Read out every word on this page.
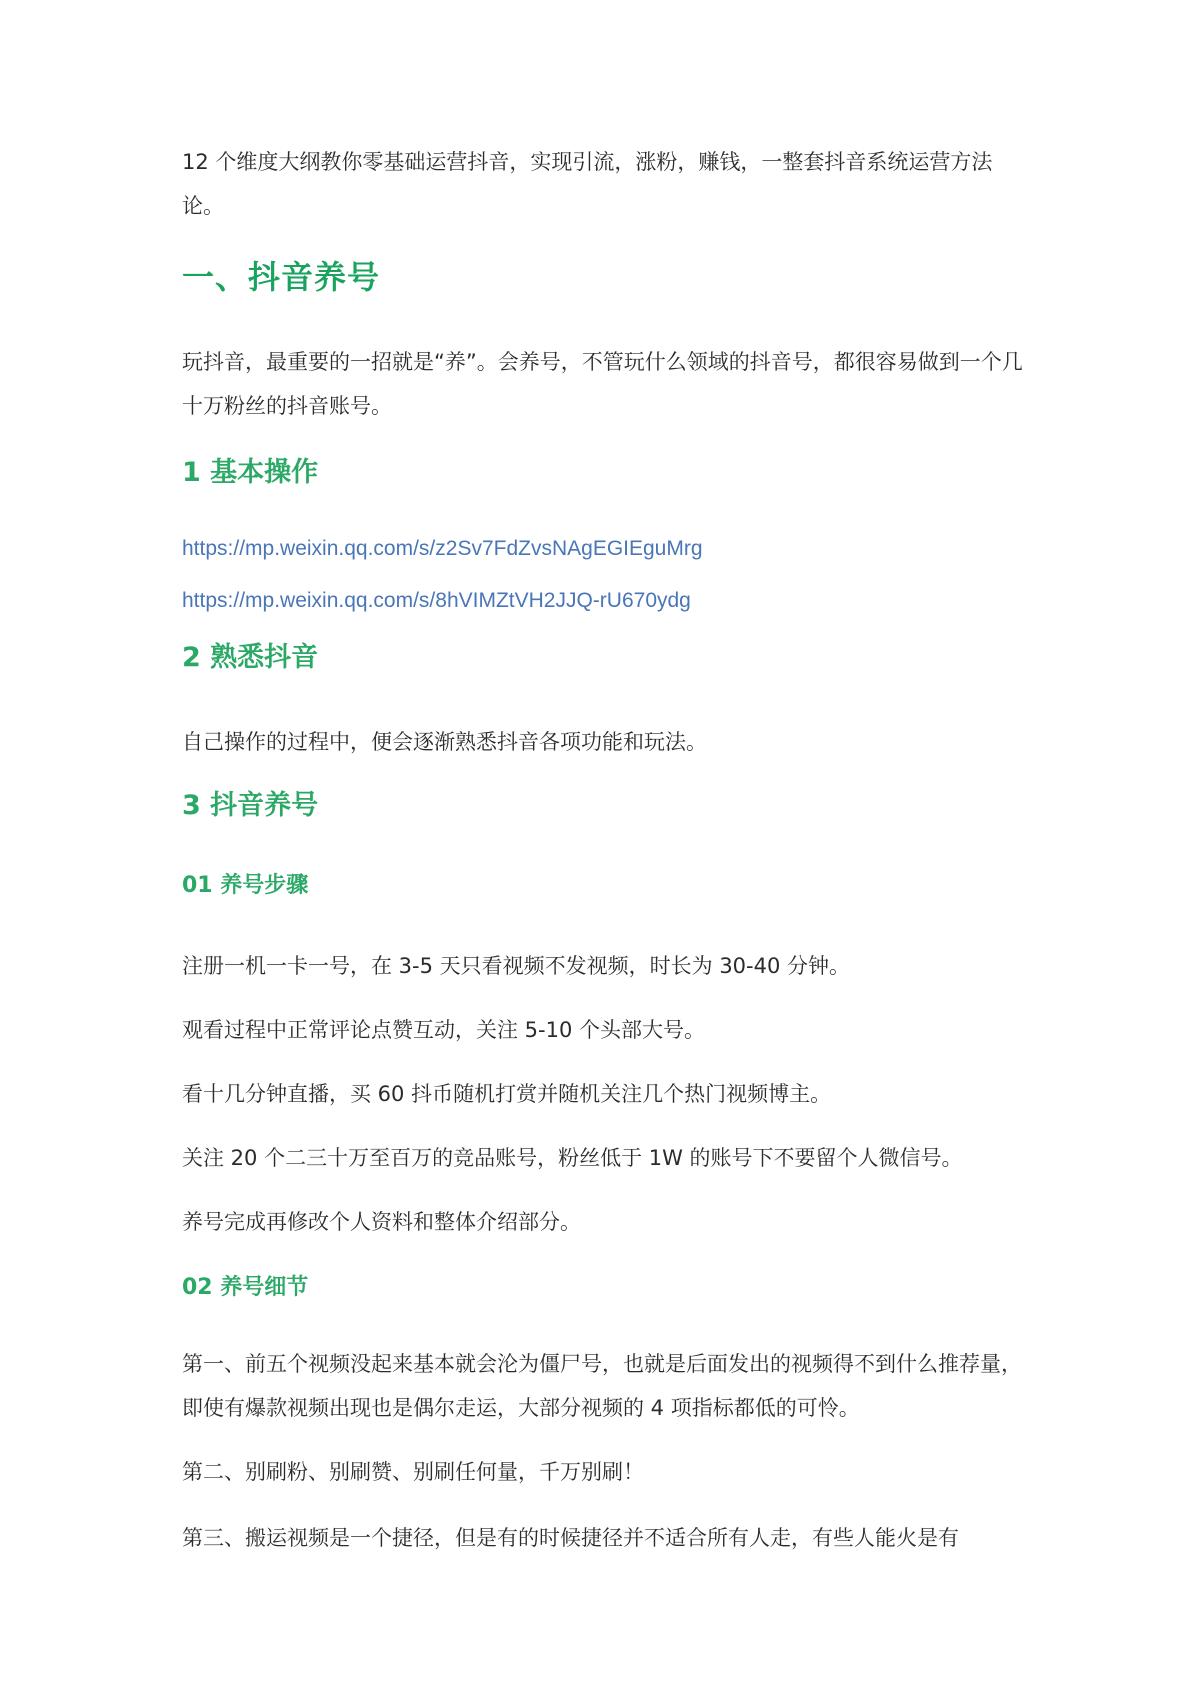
12 个维度大纲教你零基础运营抖音，实现引流，涨粉，赚钱，一整套抖音系统运营方法论。

一、抖音养号

玩抖音，最重要的一招就是“养”。会养号，不管玩什么领域的抖音号，都很容易做到一个几十万粉丝的抖音账号。

1 基本操作
https://mp.weixin.qq.com/s/z2Sv7FdZvsNAgEGIEguMrg
https://mp.weixin.qq.com/s/8hVIMZtVH2JJQ-rU670ydg
2 熟悉抖音

自己操作的过程中，便会逐渐熟悉抖音各项功能和玩法。

3 抖音养号
01 养号步骤

注册一机一卡一号，在 3-5 天只看视频不发视频，时长为 30-40 分钟。

观看过程中正常评论点赞互动，关注 5-10 个头部大号。

看十几分钟直播，买 60 抖币随机打赏并随机关注几个热门视频博主。

关注 20 个二三十万至百万的竞品账号，粉丝低于 1W 的账号下不要留个人微信号。

养号完成再修改个人资料和整体介绍部分。

02 养号细节

第一、前五个视频没起来基本就会沦为僵尸号，也就是后面发出的视频得不到什么推荐量，即使有爆款视频出现也是偶尔走运，大部分视频的 4 项指标都低的可怜。

第二、别刷粉、别刷赞、别刷任何量，千万别刷！

第三、搬运视频是一个捷径，但是有的时候捷径并不适合所有人走，有些人能火是有
